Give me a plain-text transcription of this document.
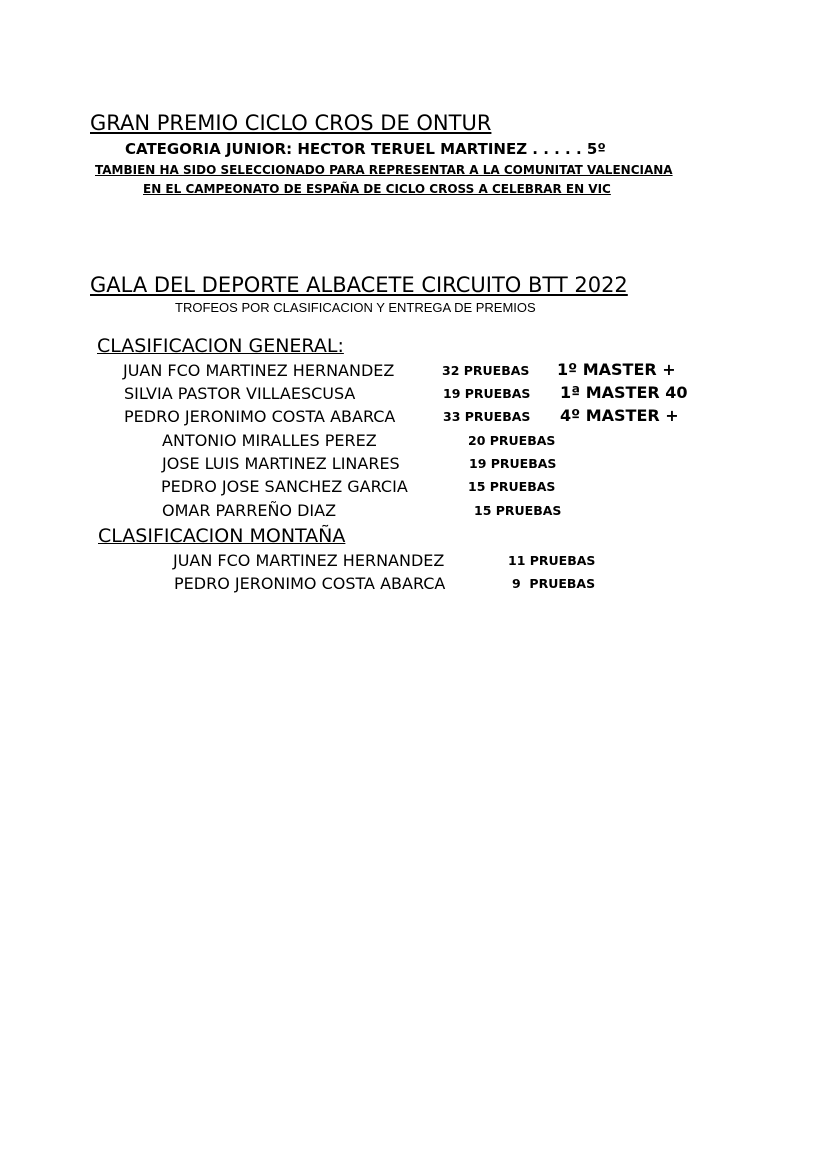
GRAN PREMIO CICLO CROS DE ONTUR
CATEGORIA JUNIOR: HECTOR TERUEL MARTINEZ . . . . . 5º
TAMBIEN HA SIDO SELECCIONADO PARA REPRESENTAR A LA COMUNITAT VALENCIANA
EN EL CAMPEONATO DE ESPAÑA DE CICLO CROSS A CELEBRAR EN VIC
GALA DEL DEPORTE ALBACETE CIRCUITO BTT 2022
TROFEOS POR CLASIFICACION Y ENTREGA DE PREMIOS
CLASIFICACION GENERAL:
JUAN FCO MARTINEZ HERNANDEZ	32 PRUEBAS 1º MASTER +
SILVIA PASTOR VILLAESCUSA	19 PRUEBAS 1ª MASTER 40
PEDRO JERONIMO COSTA ABARCA	33 PRUEBAS 4º MASTER +
ANTONIO MIRALLES PEREZ	20 PRUEBAS
JOSE LUIS MARTINEZ LINARES	19 PRUEBAS
PEDRO JOSE SANCHEZ GARCIA	15 PRUEBAS
OMAR PARREÑO DIAZ	15 PRUEBAS
CLASIFICACION MONTAÑA
JUAN FCO MARTINEZ HERNANDEZ	11 PRUEBAS
PEDRO JERONIMO COSTA ABARCA	9  PRUEBAS
